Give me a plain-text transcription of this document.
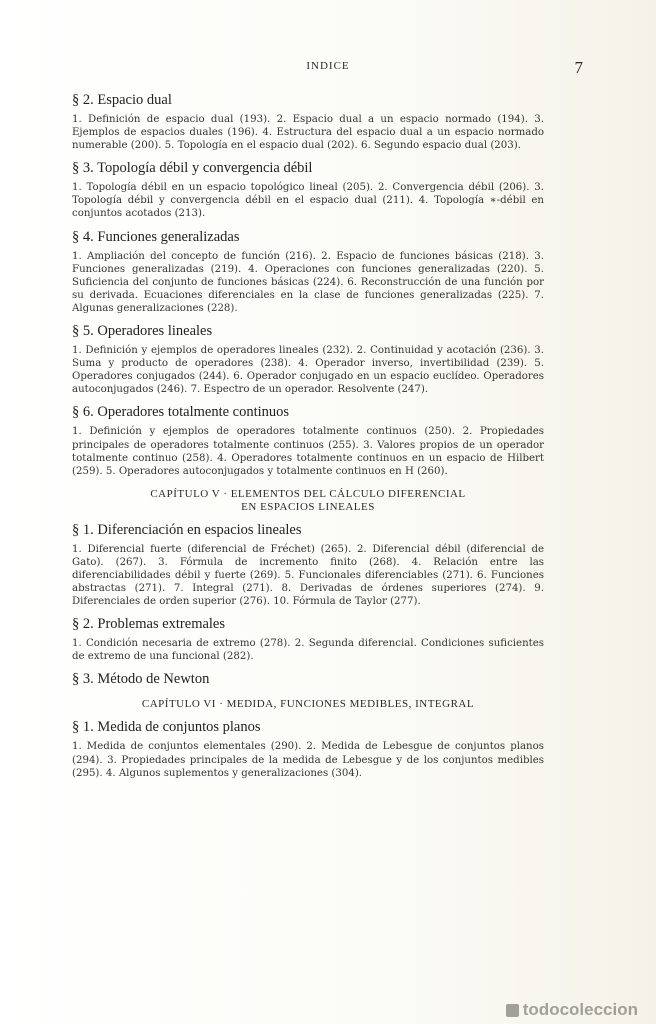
INDICE	7
§ 2. Espacio dual

1. Definición de espacio dual (193). 2. Espacio dual a un espacio normado (194). 3. Ejemplos de espacios duales (196). 4. Estructura del espacio dual a un espacio normado numerable (200). 5. Topología en el espacio dual (202). 6. Segundo espacio dual (203).

§ 3. Topología débil y convergencia débil

1. Topología débil en un espacio topológico lineal (205). 2. Convergencia débil (206). 3. Topología débil y convergencia débil en el espacio dual (211). 4. Topología ∗-débil en conjuntos acotados (213).

§ 4. Funciones generalizadas

1. Ampliación del concepto de función (216). 2. Espacio de funciones básicas (218). 3. Funciones generalizadas (219). 4. Operaciones con funciones generalizadas (220). 5. Suficiencia del conjunto de funciones básicas (224). 6. Reconstrucción de una función por su derivada. Ecuaciones diferenciales en la clase de funciones generalizadas (225). 7. Algunas generalizaciones (228).

§ 5. Operadores lineales

1. Definición y ejemplos de operadores lineales (232). 2. Continuidad y acotación (236). 3. Suma y producto de operadores (238). 4. Operador inverso, invertibilidad (239). 5. Operadores conjugados (244). 6. Operador conjugado en un espacio euclídeo. Operadores autoconjugados (246). 7. Espectro de un operador. Resolvente (247).

§ 6. Operadores totalmente continuos

1. Definición y ejemplos de operadores totalmente continuos (250). 2. Propiedades principales de operadores totalmente continuos (255). 3. Valores propios de un operador totalmente continuo (258). 4. Operadores totalmente continuos en un espacio de Hilbert (259). 5. Operadores autoconjugados y totalmente continuos en H (260).

CAPÍTULO V · ELEMENTOS DEL CÁLCULO DIFERENCIAL
EN ESPACIOS LINEALES
§ 1. Diferenciación en espacios lineales

1. Diferencial fuerte (diferencial de Fréchet) (265). 2. Diferencial débil (diferencial de Gato). (267). 3. Fórmula de incremento finito (268). 4. Relación entre las diferenciabilidades débil y fuerte (269). 5. Funcionales diferenciables (271). 6. Funciones abstractas (271). 7. Integral (271). 8. Derivadas de órdenes superiores (274). 9. Diferenciales de orden superior (276). 10. Fórmula de Taylor (277).

§ 2. Problemas extremales

1. Condición necesaria de extremo (278). 2. Segunda diferencial. Condiciones suficientes de extremo de una funcional (282).

§ 3. Método de Newton
CAPÍTULO VI · MEDIDA, FUNCIONES MEDIBLES, INTEGRAL
§ 1. Medida de conjuntos planos

1. Medida de conjuntos elementales (290). 2. Medida de Lebesgue de conjuntos planos (294). 3. Propiedades principales de la medida de Lebesgue y de los conjuntos medibles (295). 4. Algunos suplementos y generalizaciones (304).

todocoleccion
